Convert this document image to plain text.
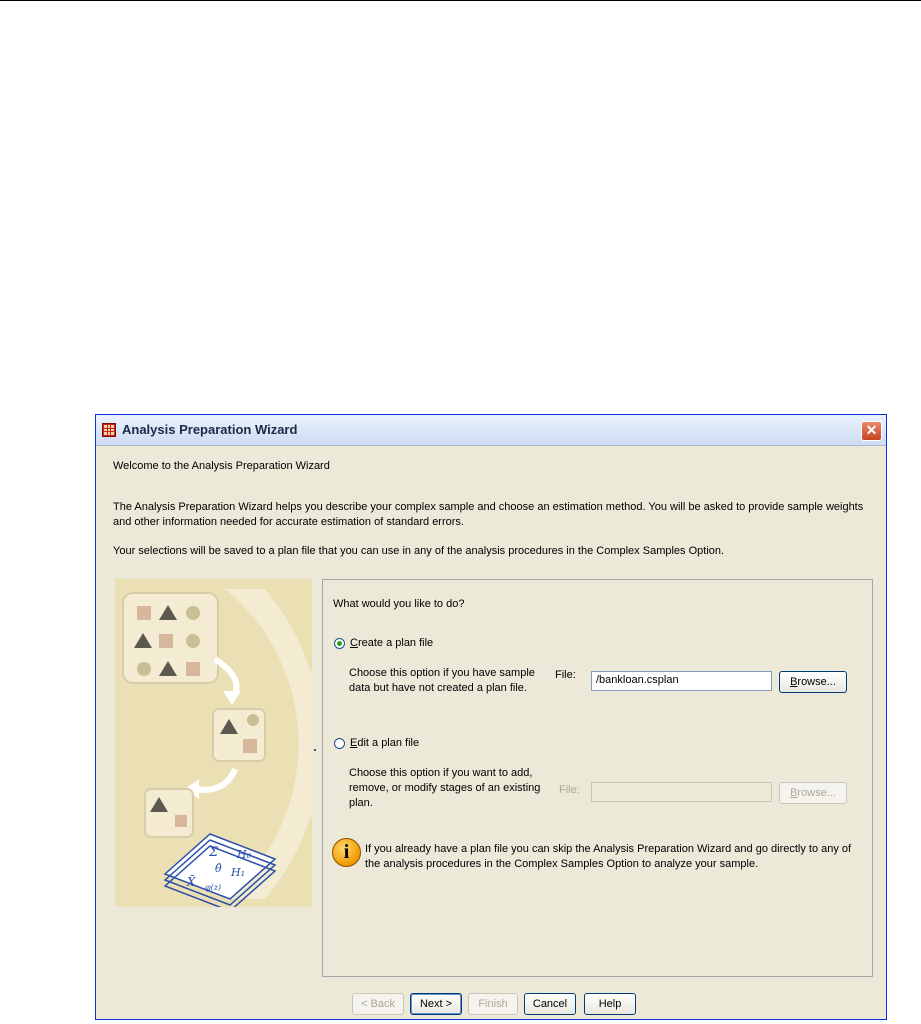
Analysis Preparation Wizard	✕
Welcome to the Analysis Preparation Wizard
The Analysis Preparation Wizard helps you describe your complex sample and choose an estimation method. You will be asked to provide sample weights and other information needed for accurate estimation of standard errors.
Your selections will be saved to a plan file that you can use in any of the analysis procedures in the Complex Samples Option.
Σ H₀
θ̂ H₁
X̄ φ(z)
What would you like to do?
Create a plan file
Choose this option if you have sample data but have not created a plan file.
File:	/bankloan.csplan	Browse...
Edit a plan file
Choose this option if you want to add, remove, or modify stages of an existing plan.
File:	Browse...
i	If you already have a plan file you can skip the Analysis Preparation Wizard and go directly to any of the analysis procedures in the Complex Samples Option to analyze your sample.
< Back	Next >	Finish	Cancel	Help
